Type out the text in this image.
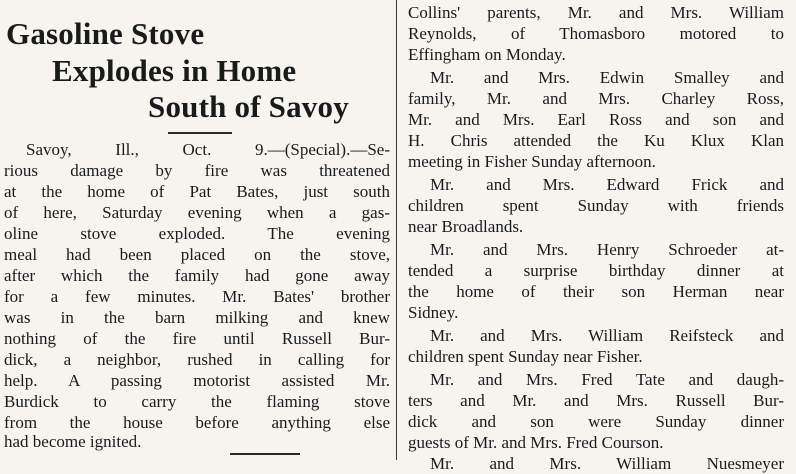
Gasoline Stove
Explodes in Home
South of Savoy
Savoy, Ill., Oct. 9.—(Special).—Se-
rious damage by fire was threatened
at the home of Pat Bates, just south
of here, Saturday evening when a gas-
oline stove exploded. The evening
meal had been placed on the stove,
after which the family had gone away
for a few minutes. Mr. Bates' brother
was in the barn milking and knew
nothing of the fire until Russell Bur-
dick, a neighbor, rushed in calling for
help. A passing motorist assisted Mr.
Burdick to carry the flaming stove
from the house before anything else
had become ignited.
Collins' parents, Mr. and Mrs. William
Reynolds, of Thomasboro motored to
Effingham on Monday.
Mr. and Mrs. Edwin Smalley and
family, Mr. and Mrs. Charley Ross,
Mr. and Mrs. Earl Ross and son and
H. Chris attended the Ku Klux Klan
meeting in Fisher Sunday afternoon.
Mr. and Mrs. Edward Frick and
children spent Sunday with friends
near Broadlands.
Mr. and Mrs. Henry Schroeder at-
tended a surprise birthday dinner at
the home of their son Herman near
Sidney.
Mr. and Mrs. William Reifsteck and
children spent Sunday near Fisher.
Mr. and Mrs. Fred Tate and daugh-
ters and Mr. and Mrs. Russell Bur-
dick and son were Sunday dinner
guests of Mr. and Mrs. Fred Courson.
Mr. and Mrs. William Nuesmeyer
